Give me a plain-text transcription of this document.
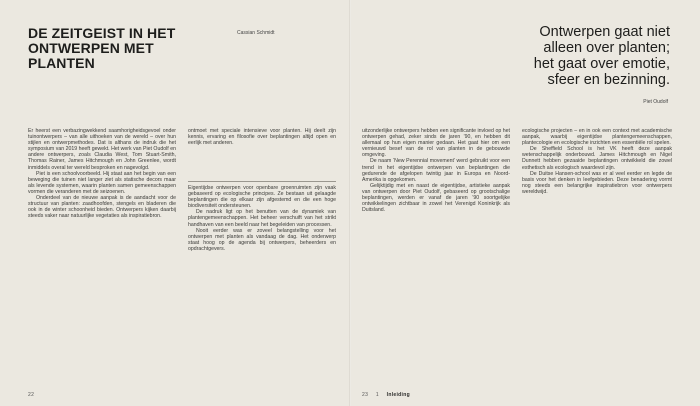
DE ZEITGEIST IN HET ONTWERPEN MET PLANTEN
Cassian Schmidt

Er heerst een verbazingwekkend saamhorigheidsgevoel onder tuinontwerpers – van alle uithoeken van de wereld – over hun stijlen en ontwerpmethodes. Dat is althans de indruk die het symposium van 2019 heeft gewekt. Het werk van Piet Oudolf en andere ontwerpers, zoals Claudia West, Tom Stuart-Smith, Thomas Rainer, James Hitchmough en John Greenlee, wordt inmiddels overal ter wereld besproken en nagevolgd.

Piet is een schoolvoorbeeld. Hij staat aan het begin van een beweging die tuinen niet langer ziet als statische decors maar als levende systemen, waarin planten samen gemeenschappen vormen die veranderen met de seizoenen.

Onderdeel van de nieuwe aanpak is de aandacht voor de structuur van planten: zaadhoofden, stengels en bladeren die ook in de winter schoonheid bieden. Ontwerpers kijken daarbij steeds vaker naar natuurlijke vegetaties als inspiratiebron.

ontmoet met speciale intensieve voor planten. Hij deelt zijn kennis, ervaring en filosofie over beplantingen altijd open en eerlijk met anderen.

Eigentijdse ontwerpen voor openbare groenruimten zijn vaak gebaseerd op ecologische principes. Ze bestaan uit gelaagde beplantingen die op elkaar zijn afgestemd en die een hoge biodiversiteit ondersteunen.

De nadruk ligt op het benutten van de dynamiek van plantengemeenschappen. Het beheer verschuift van het strikt handhaven van een beeld naar het begeleiden van processen.

Nooit eerder was er zoveel belangstelling voor het ontwerpen met planten als vandaag de dag. Het onderwerp staat hoog op de agenda bij ontwerpers, beheerders en opdrachtgevers.

22
Ontwerpen gaat niet alleen over planten; het gaat over emotie, sfeer en bezinning.
Piet Oudolf

uitzonderlijke ontwerpers hebben een significante invloed op het ontwerpen gehad, zeker sinds de jaren ’90, en hebben dit allemaal op hun eigen manier gedaan. Het gaat hier om een vernieuwd besef van de rol van planten in de gebouwde omgeving.

De naam ‘New Perennial movement’ werd gebruikt voor een trend in het eigentijdse ontwerpen van beplantingen die gedurende de afgelopen twintig jaar in Europa en Noord-Amerika is opgekomen.

Gelijktijdig met en naast de eigentijdse, artistieke aanpak van ontwerpen door Piet Oudolf, gebaseerd op grootschalige beplantingen, werden er vanaf de jaren ’90 soortgelijke ontwikkelingen zichtbaar in zowel het Verenigd Koninkrijk als Duitsland.

ecologische projecten – en in ook een context met academische aanpak, waarbij eigentijdse plantengemeenschappen, plantecologie en ecologische inzichten een essentiële rol spelen.

De Sheffield School is het VK heeft deze aanpak wetenschappelijk onderbouwd. James Hitchmough en Nigel Dunnett hebben gezaaide beplantingen ontwikkeld die zowel esthetisch als ecologisch waardevol zijn.

De Duitse Hansen-school was er al veel eerder en legde de basis voor het denken in leefgebieden. Deze benadering vormt nog steeds een belangrijke inspiratiebron voor ontwerpers wereldwijd.

23 1 Inleiding
